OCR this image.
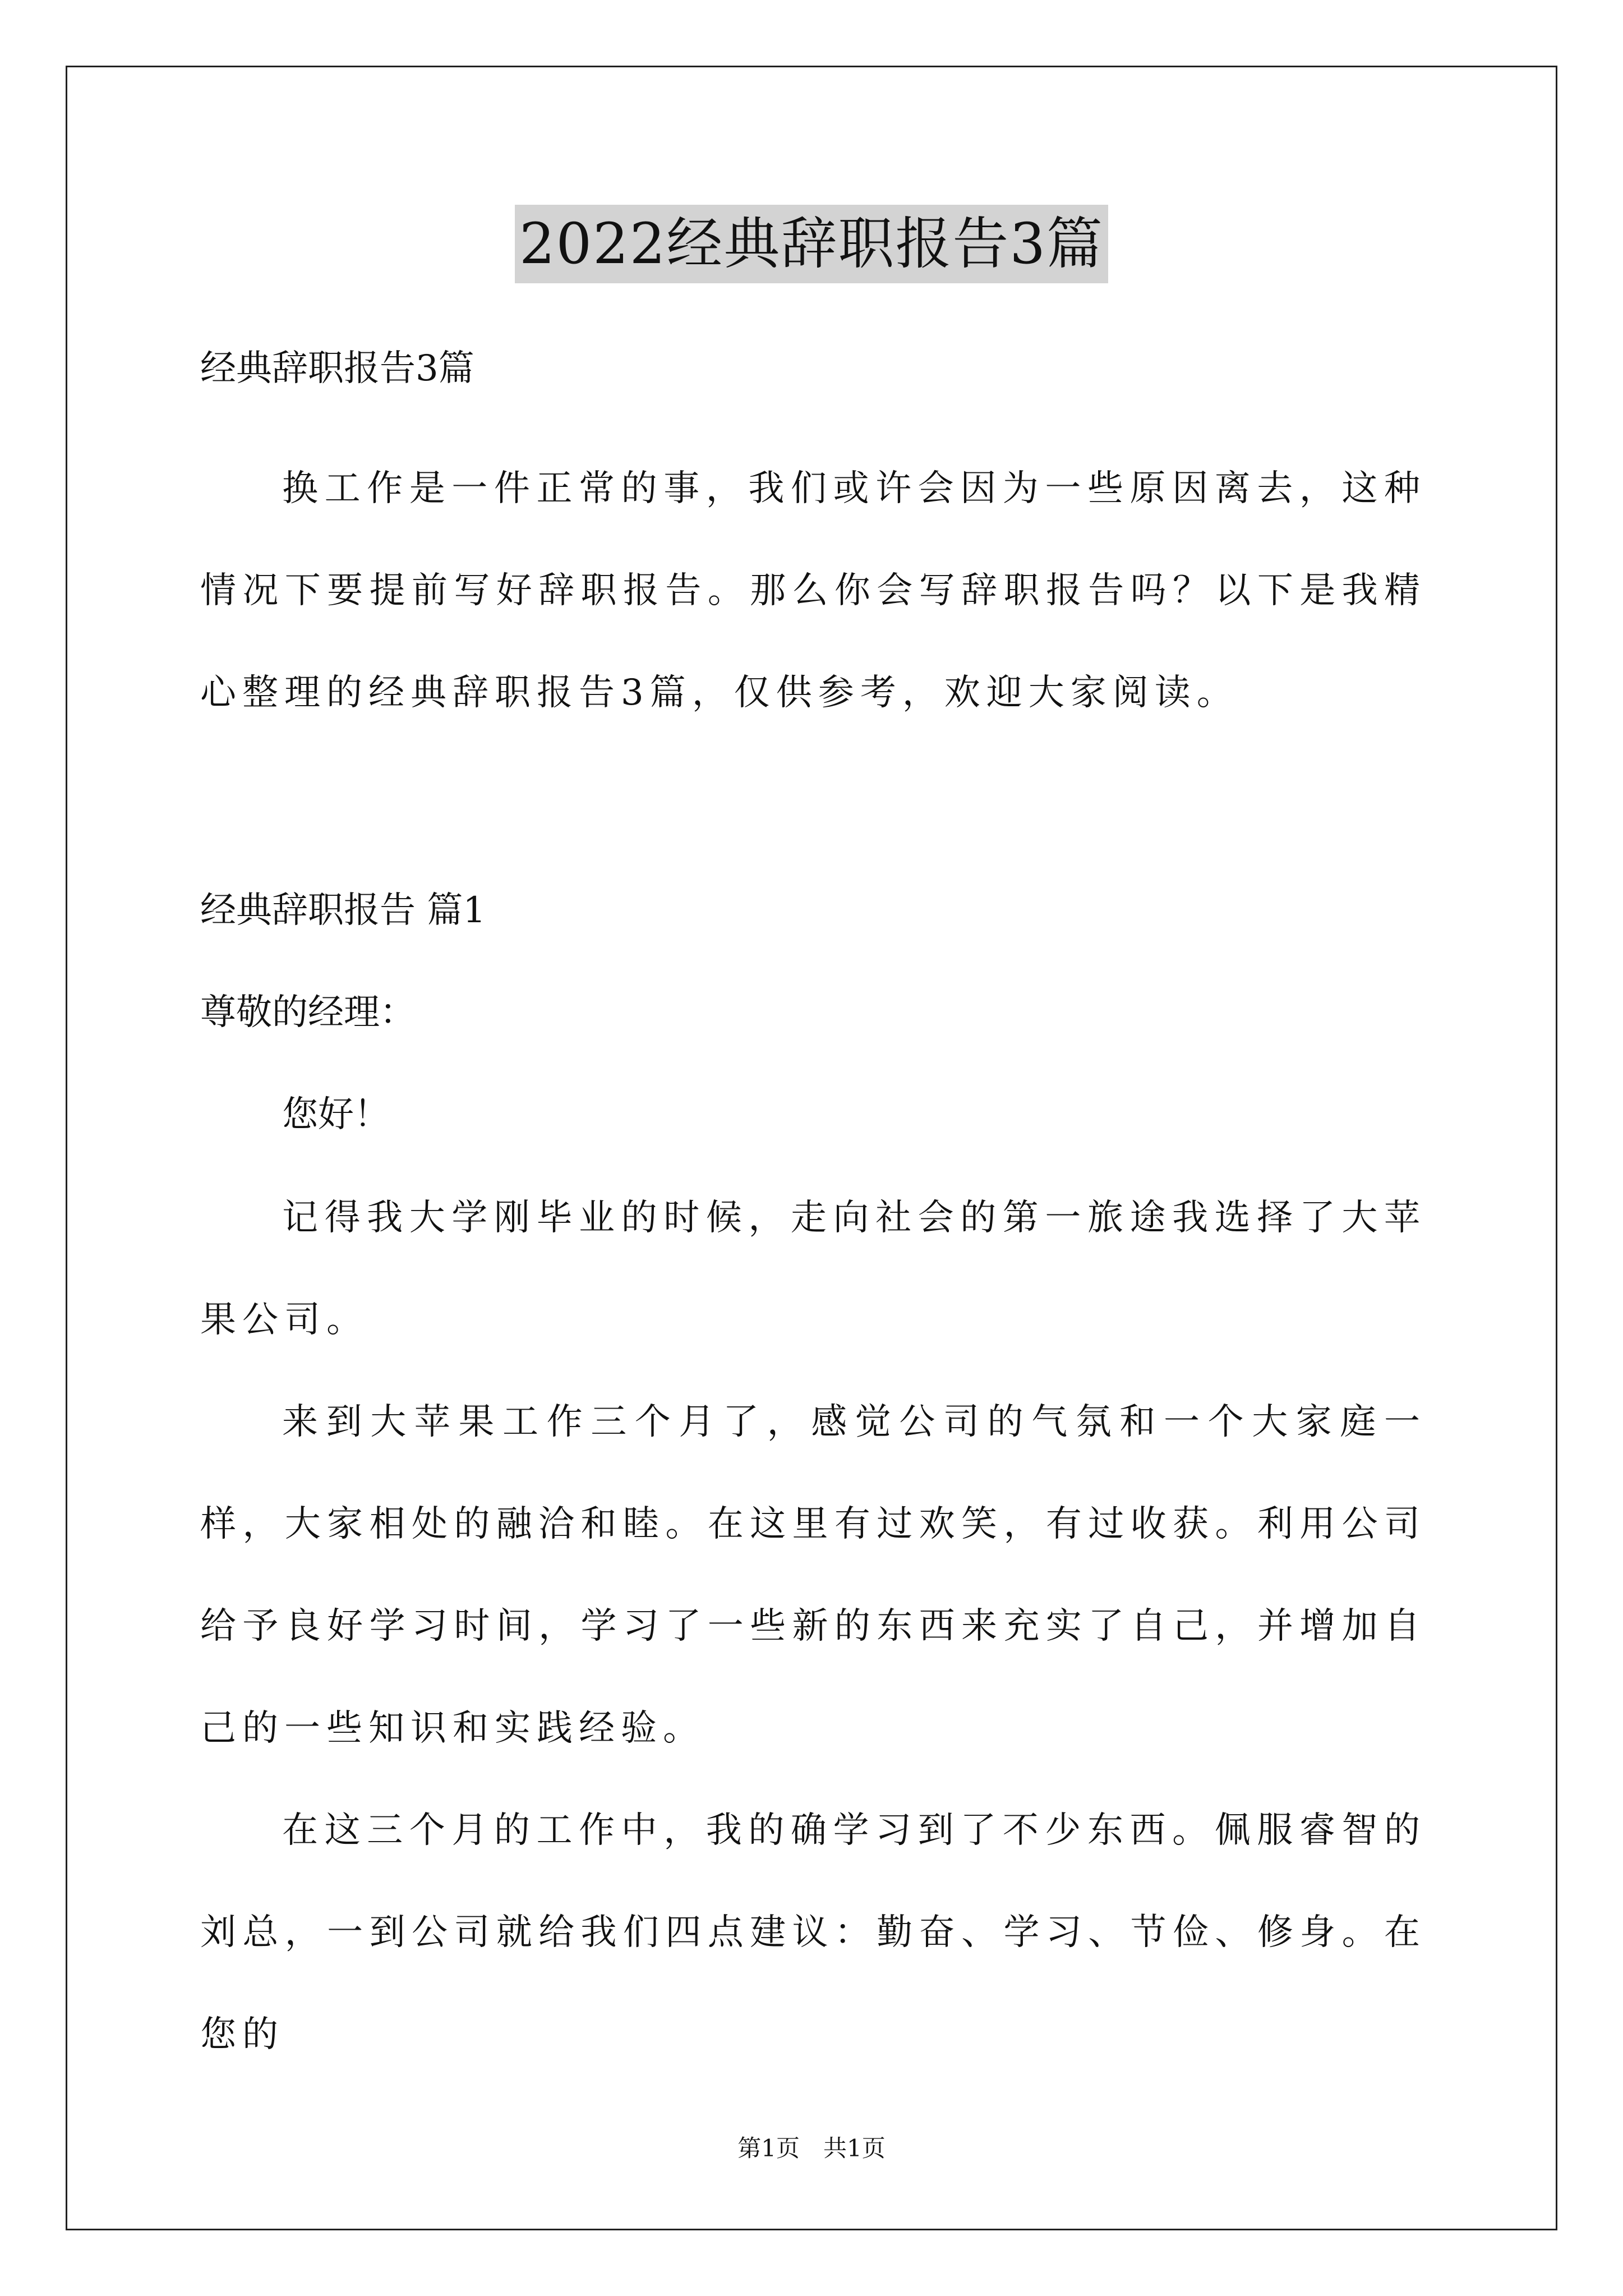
2022经典辞职报告3篇
经典辞职报告3篇
换工作是一件正常的事，我们或许会因为一些原因离去，这种情况下要提前写好辞职报告。那么你会写辞职报告吗？以下是我精心整理的经典辞职报告3篇，仅供参考，欢迎大家阅读。
经典辞职报告 篇1
尊敬的经理：
您好！
记得我大学刚毕业的时候，走向社会的第一旅途我选择了大苹果公司。
来到大苹果工作三个月了，感觉公司的气氛和一个大家庭一样，大家相处的融洽和睦。在这里有过欢笑，有过收获。利用公司给予良好学习时间，学习了一些新的东西来充实了自己，并增加自己的一些知识和实践经验。
在这三个月的工作中，我的确学习到了不少东西。佩服睿智的刘总，一到公司就给我们四点建议：勤奋、学习、节俭、修身。在您的
第1页　共1页
